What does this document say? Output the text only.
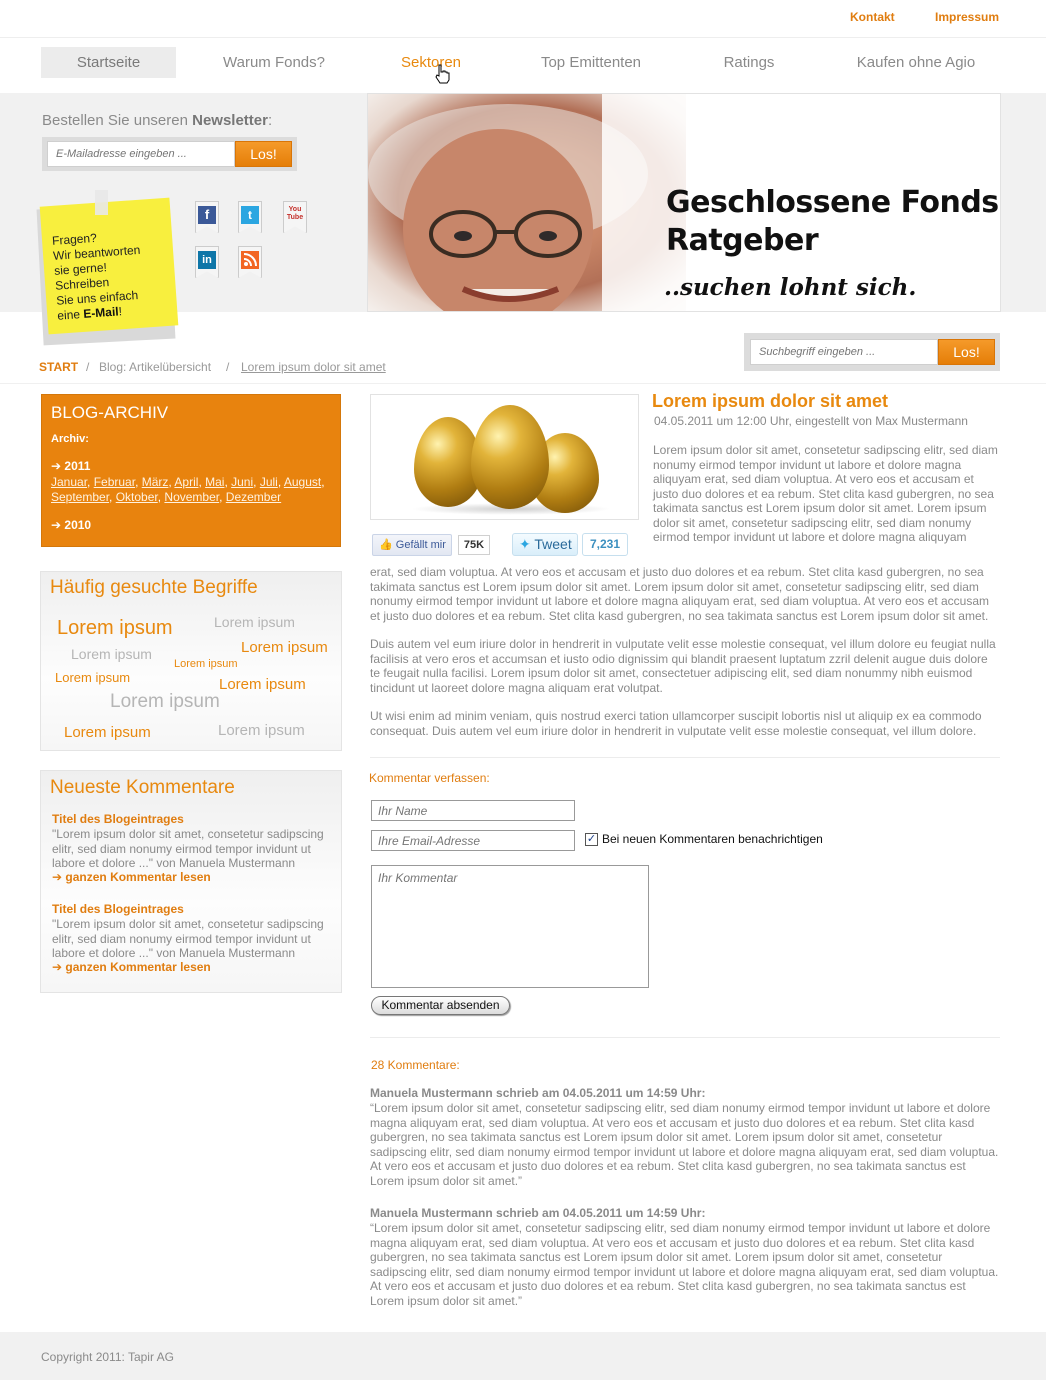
Kontakt	Impressum
Startseite	Warum Fonds?	Sektoren	Top Emittenten	Ratings	Kaufen ohne Agio
Bestellen Sie unseren Newsletter:
E-Mailadresse eingeben ...
Los!
Fragen?
Wir beantworten
sie gerne! Schreiben
Sie uns einfach
eine E-Mail!
f	t	You Tube
in
Geschlossene Fonds
Ratgeber
..suchen lohnt sich.
Suchbegriff eingeben ...
Los!
START / Blog: Artikelübersicht / Lorem ipsum dolor sit amet
BLOG-ARCHIV
Archiv:
➔ 2011
Januar, Februar, März, April, Mai, Juni, Juli, August, September, Oktober, November, Dezember
➔ 2010
Häufig gesuchte Begriffe
Lorem ipsum
Lorem ipsum
Lorem ipsum
Lorem ipsum
Lorem ipsum
Lorem ipsum	Lorem ipsum
Lorem ipsum
Lorem ipsum	Lorem ipsum
Neueste Kommentare
Titel des Blogeintrages
"Lorem ipsum dolor sit amet, consetetur sadipscing elitr, sed diam nonumy eirmod tempor invidunt ut labore et dolore ..." von Manuela Mustermann
➔ ganzen Kommentar lesen
Titel des Blogeintrages
"Lorem ipsum dolor sit amet, consetetur sadipscing elitr, sed diam nonumy eirmod tempor invidunt ut labore et dolore ..." von Manuela Mustermann
➔ ganzen Kommentar lesen
Lorem ipsum dolor sit amet
04.05.2011 um 12:00 Uhr, eingestellt von Max Mustermann
Lorem ipsum dolor sit amet, consetetur sadipscing elitr, sed diam nonumy eirmod tempor invidunt ut labore et dolore magna aliquyam erat, sed diam voluptua. At vero eos et accusam et justo duo dolores et ea rebum. Stet clita kasd gubergren, no sea takimata sanctus est Lorem ipsum dolor sit amet. Lorem ipsum dolor sit amet, consetetur sadipscing elitr, sed diam nonumy eirmod tempor invidunt ut labore et dolore magna aliquyam
👍 Gefällt mir	75K	✦ Tweet	7,231
erat, sed diam voluptua. At vero eos et accusam et justo duo dolores et ea rebum. Stet clita kasd gubergren, no sea takimata sanctus est Lorem ipsum dolor sit amet. Lorem ipsum dolor sit amet, consetetur sadipscing elitr, sed diam nonumy eirmod tempor invidunt ut labore et dolore magna aliquyam erat, sed diam voluptua. At vero eos et accusam et justo duo dolores et ea rebum. Stet clita kasd gubergren, no sea takimata sanctus est Lorem ipsum dolor sit amet.
Duis autem vel eum iriure dolor in hendrerit in vulputate velit esse molestie consequat, vel illum dolore eu feugiat nulla facilisis at vero eros et accumsan et iusto odio dignissim qui blandit praesent luptatum zzril delenit augue duis dolore te feugait nulla facilisi. Lorem ipsum dolor sit amet, consectetuer adipiscing elit, sed diam nonummy nibh euismod tincidunt ut laoreet dolore magna aliquam erat volutpat.
Ut wisi enim ad minim veniam, quis nostrud exerci tation ullamcorper suscipit lobortis nisl ut aliquip ex ea commodo consequat. Duis autem vel eum iriure dolor in hendrerit in vulputate velit esse molestie consequat, vel illum dolore.
Kommentar verfassen:
Ihr Name
Ihre Email-Adresse
✓ Bei neuen Kommentaren benachrichtigen
Ihr Kommentar
Kommentar absenden
28 Kommentare:
Manuela Mustermann schrieb am 04.05.2011 um 14:59 Uhr:
“Lorem ipsum dolor sit amet, consetetur sadipscing elitr, sed diam nonumy eirmod tempor invidunt ut labore et dolore magna aliquyam erat, sed diam voluptua. At vero eos et accusam et justo duo dolores et ea rebum. Stet clita kasd gubergren, no sea takimata sanctus est Lorem ipsum dolor sit amet. Lorem ipsum dolor sit amet, consetetur sadipscing elitr, sed diam nonumy eirmod tempor invidunt ut labore et dolore magna aliquyam erat, sed diam voluptua. At vero eos et accusam et justo duo dolores et ea rebum. Stet clita kasd gubergren, no sea takimata sanctus est Lorem ipsum dolor sit amet.”
Manuela Mustermann schrieb am 04.05.2011 um 14:59 Uhr:
“Lorem ipsum dolor sit amet, consetetur sadipscing elitr, sed diam nonumy eirmod tempor invidunt ut labore et dolore magna aliquyam erat, sed diam voluptua. At vero eos et accusam et justo duo dolores et ea rebum. Stet clita kasd gubergren, no sea takimata sanctus est Lorem ipsum dolor sit amet. Lorem ipsum dolor sit amet, consetetur sadipscing elitr, sed diam nonumy eirmod tempor invidunt ut labore et dolore magna aliquyam erat, sed diam voluptua. At vero eos et accusam et justo duo dolores et ea rebum. Stet clita kasd gubergren, no sea takimata sanctus est Lorem ipsum dolor sit amet.”
Copyright 2011: Tapir AG
